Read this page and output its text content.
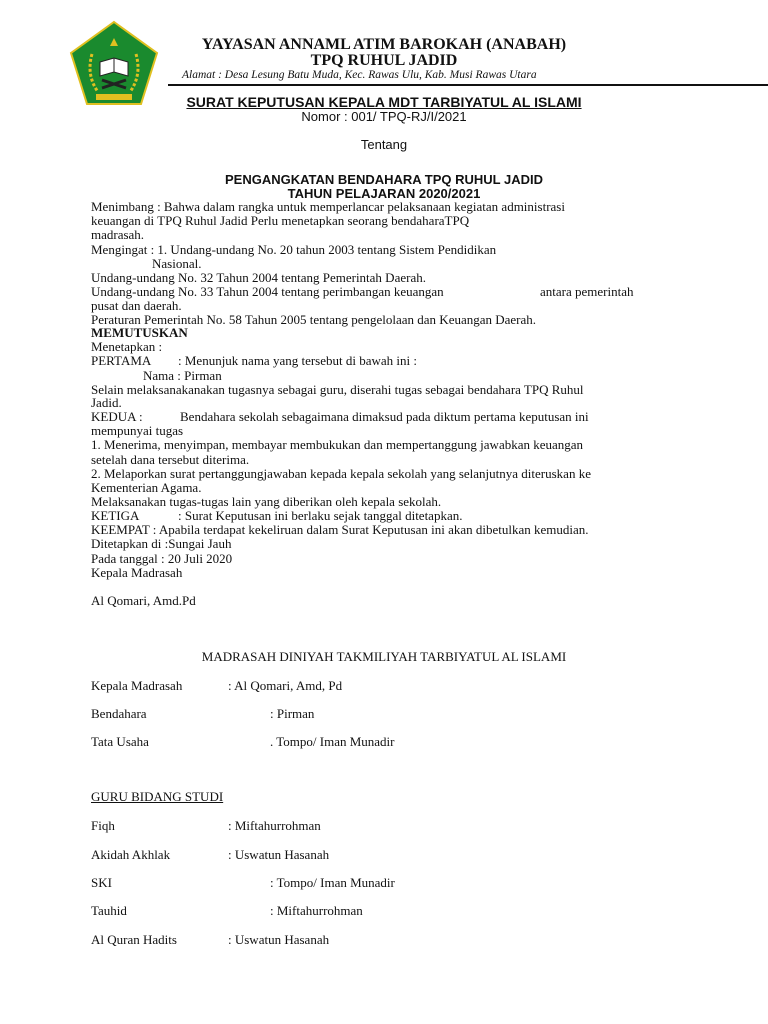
YAYASAN ANNAML ATIM BAROKAH (ANABAH)
TPQ RUHUL JADID
Alamat : Desa Lesung Batu Muda, Kec. Rawas Ulu, Kab. Musi Rawas Utara
SURAT KEPUTUSAN KEPALA MDT TARBIYATUL AL ISLAMI
Nomor : 001/ TPQ-RJ/I/2021
Tentang
PENGANGKATAN BENDAHARA TPQ RUHUL JADID
TAHUN PELAJARAN 2020/2021
Menimbang : Bahwa dalam rangka untuk memperlancar pelaksanaan kegiatan administrasi
keuangan di TPQ Ruhul Jadid Perlu menetapkan seorang bendaharaTPQ
madrasah.
Mengingat : 1. Undang-undang No. 20 tahun 2003 tentang Sistem Pendidikan
Nasional.
Undang-undang No. 32 Tahun 2004 tentang Pemerintah Daerah.
Undang-undang No. 33 Tahun 2004 tentang perimbangan keuangan	antara pemerintah
pusat dan daerah.
Peraturan Pemerintah No. 58 Tahun 2005 tentang pengelolaan dan Keuangan Daerah.
MEMUTUSKAN
Menetapkan :
PERTAMA : Menunjuk nama yang tersebut di bawah ini :
Nama : Pirman
Selain melaksanakanakan tugasnya sebagai guru, diserahi tugas sebagai bendahara TPQ Ruhul
Jadid.
KEDUA :	Bendahara sekolah sebagaimana dimaksud pada diktum pertama keputusan ini
mempunyai tugas
1. Menerima, menyimpan, membayar membukukan dan mempertanggung jawabkan keuangan
setelah dana tersebut diterima.
2. Melaporkan surat pertanggungjawaban kepada kepala sekolah yang selanjutnya diteruskan ke
Kementerian Agama.
Melaksanakan tugas-tugas lain yang diberikan oleh kepala sekolah.
KETIGA	: Surat Keputusan ini berlaku sejak tanggal ditetapkan.
KEEMPAT : Apabila terdapat kekeliruan dalam Surat Keputusan ini akan dibetulkan kemudian.
Ditetapkan di :Sungai Jauh
Pada tanggal : 20 Juli 2020
Kepala Madrasah
Al Qomari, Amd.Pd
MADRASAH DINIYAH TAKMILIYAH TARBIYATUL AL ISLAMI
Kepala Madrasah	: Al Qomari, Amd, Pd
Bendahara	: Pirman
Tata Usaha	. Tompo/ Iman Munadir
GURU BIDANG STUDI
Fiqh	: Miftahurrohman
Akidah Akhlak	: Uswatun Hasanah
SKI	: Tompo/ Iman Munadir
Tauhid	: Miftahurrohman
Al Quran Hadits	: Uswatun Hasanah
